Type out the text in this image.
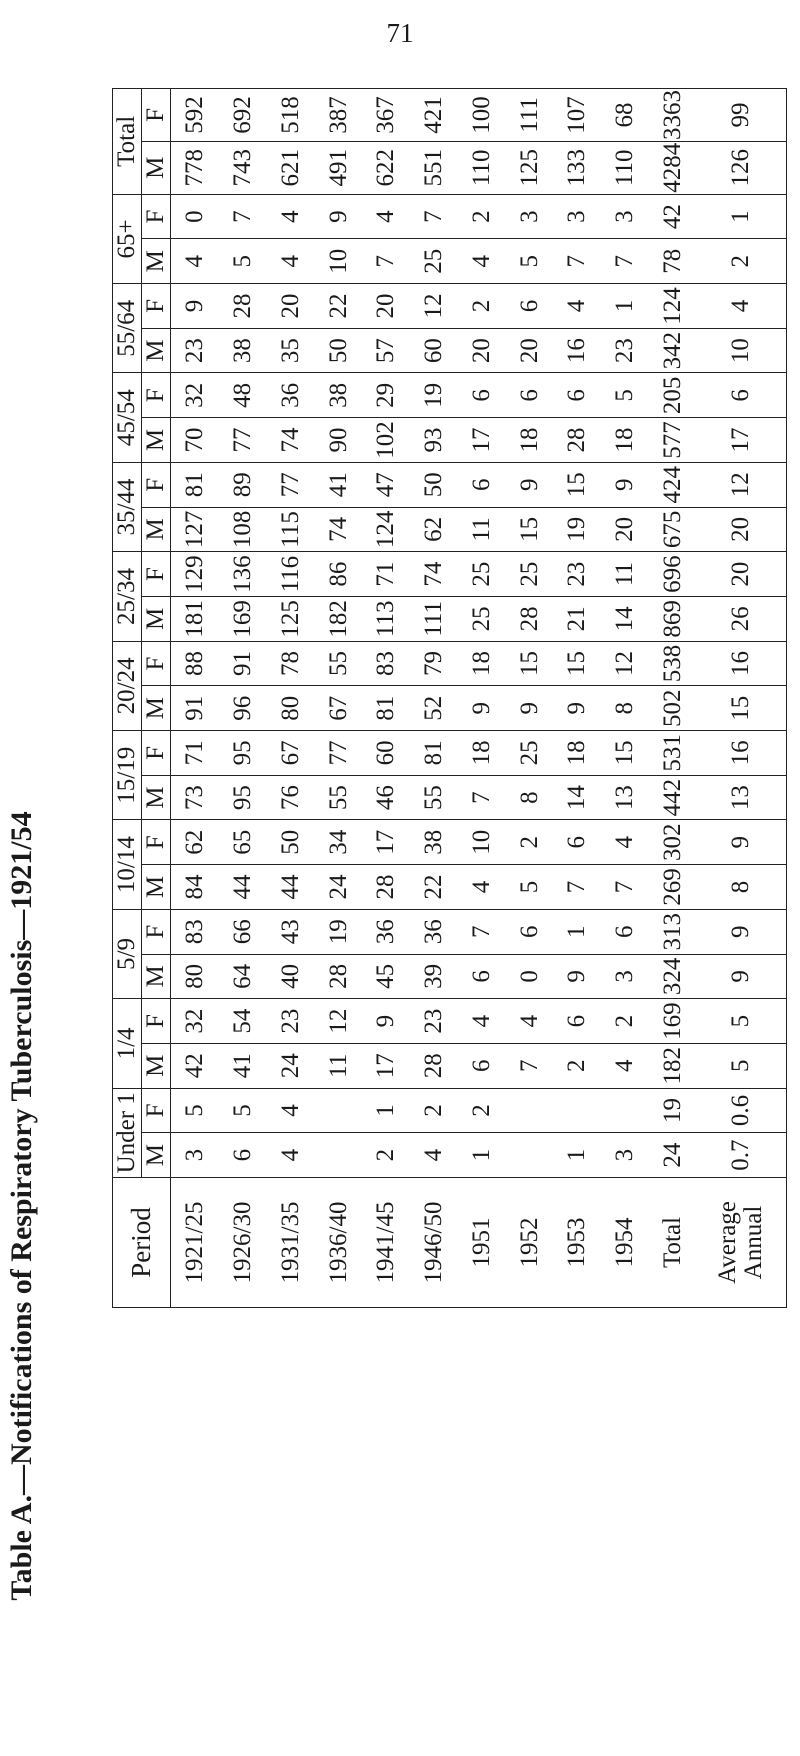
71
Table A.—Notifications of Respiratory Tuberculosis—1921/54	Period	Under 1		1/4		5/9		10/14		15/19		20/24		25/34		35/44		45/54		55/64		65+		Total	
	M	F	M	F	M	F	M	F	M	F	M	F	M	F	M	F	M	F	M	F	M	F	M	F
1921/25	3	5	42	32	80	83	84	62	73	71	91	88	181	129	127	81	70	32	23	9	4	0	778	592
1926/30	6	5	41	54	64	66	44	65	95	95	96	91	169	136	108	89	77	48	38	28	5	7	743	692
1931/35	4	4	24	23	40	43	44	50	76	67	80	78	125	116	115	77	74	36	35	20	4	4	621	518
1936/40			11	12	28	19	24	34	55	77	67	55	182	86	74	41	90	38	50	22	10	9	491	387
1941/45	2	1	17	9	45	36	28	17	46	60	81	83	113	71	124	47	102	29	57	20	7	4	622	367
1946/50	4	2	28	23	39	36	22	38	55	81	52	79	111	74	62	50	93	19	60	12	25	7	551	421
1951	1	2	6	4	6	7	4	10	7	18	9	18	25	25	11	6	17	6	20	2	4	2	110	100
1952			7	4	0	6	5	2	8	25	9	15	28	25	15	9	18	6	20	6	5	3	125	111
1953	1		2	6	9	1	7	6	14	18	9	15	21	23	19	15	28	6	16	4	7	3	133	107
1954	3		4	2	3	6	7	4	13	15	8	12	14	11	20	9	18	5	23	1	7	3	110	68
Total	24	19	182	169	324	313	269	302	442	531	502	538	869	696	675	424	577	205	342	124	78	42	4284	3363
Average Annual	0.7	0.6	5	5	9	9	8	9	13	16	15	16	26	20	20	12	17	6	10	4	2	1	126	99
